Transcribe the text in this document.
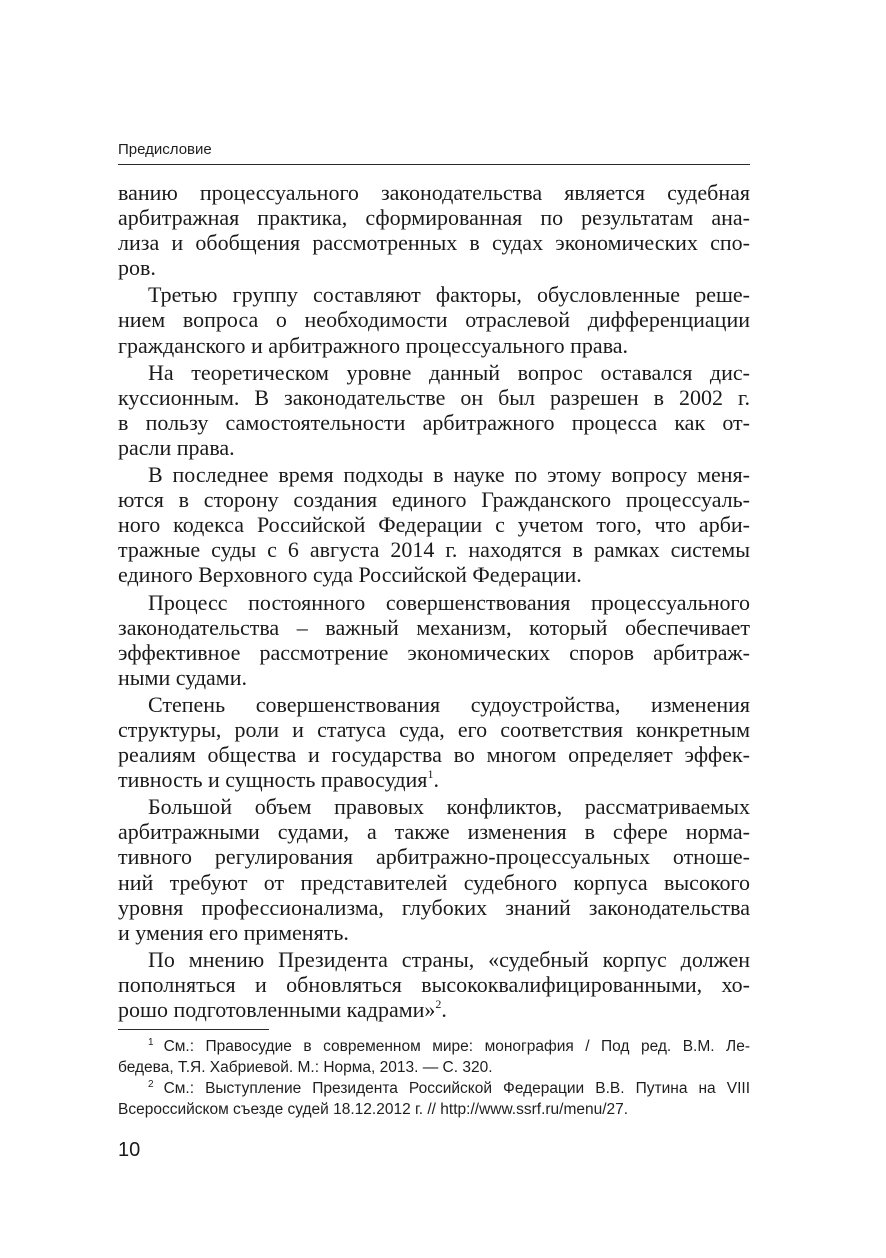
Предисловие

ванию процессуального законодательства является судебная
арбитражная практика, сформированная по результатам ана-
лиза и обобщения рассмотренных в судах экономических спо-
ров.

Третью группу составляют факторы, обусловленные реше-
нием вопроса о необходимости отраслевой дифференциации
гражданского и арбитражного процессуального права.

На теоретическом уровне данный вопрос оставался дис-
куссионным. В законодательстве он был разрешен в 2002 г.
в пользу самостоятельности арбитражного процесса как от-
расли права.

В последнее время подходы в науке по этому вопросу меня-
ются в сторону создания единого Гражданского процессуаль-
ного кодекса Российской Федерации с учетом того, что арби-
тражные суды с 6 августа 2014 г. находятся в рамках системы
единого Верховного суда Российской Федерации.

Процесс постоянного совершенствования процессуального
законодательства – важный механизм, который обеспечивает
эффективное рассмотрение экономических споров арбитраж-
ными судами.

Степень совершенствования судоустройства, изменения
структуры, роли и статуса суда, его соответствия конкретным
реалиям общества и государства во многом определяет эффек-
тивность и сущность правосудия$^1$.

Большой объем правовых конфликтов, рассматриваемых
арбитражными судами, а также изменения в сфере норма-
тивного регулирования арбитражно-процессуальных отноше-
ний требуют от представителей судебного корпуса высокого
уровня профессионализма, глубоких знаний законодательства
и умения его применять.

По мнению Президента страны, «судебный корпус должен
пополняться и обновляться высококвалифицированными, хо-
рошо подготовленными кадрами»$^2$.

$^1$ См.: Правосудие в современном мире: монография / Под ред. В.М. Ле-
бедева, Т.Я. Хабриевой. М.: Норма, 2013. — С. 320.
$^2$ См.: Выступление Президента Российской Федерации В.В. Путина на VIII
Всероссийском съезде судей 18.12.2012 г. // http://www.ssrf.ru/menu/27.
10
